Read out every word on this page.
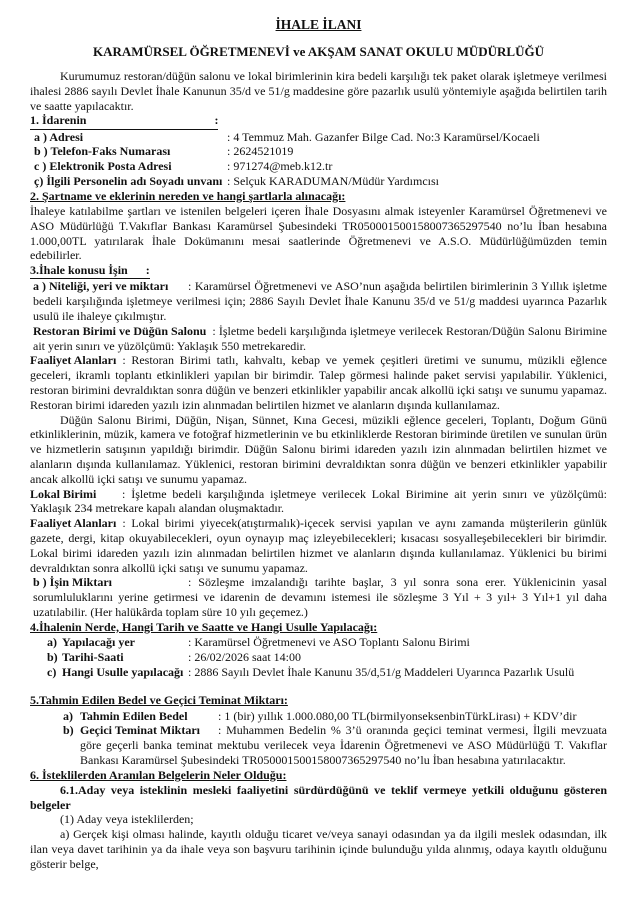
İHALE İLANI
KARAMÜRSEL ÖĞRETMENEVİ ve AKŞAM SANAT OKULU MÜDÜRLÜĞÜ

Kurumumuz restoran/düğün salonu ve lokal birimlerinin kira bedeli karşılığı tek paket olarak işletmeye verilmesi ihalesi 2886 sayılı Devlet İhale Kanunun 35/d ve 51/g maddesine göre pazarlık usulü yöntemiyle aşağıda belirtilen tarih ve saatte yapılacaktır.

1. İdarenin	:
a ) Adresi	: 4 Temmuz Mah. Gazanfer Bilge Cad. No:3 Karamürsel/Kocaeli
b ) Telefon-Faks Numarası	: 2624521019
c ) Elektronik Posta Adresi	: 971274@meb.k12.tr
ç) İlgili Personelin adı Soyadı unvanı : Selçuk KARADUMAN/Müdür Yardımcısı
2. Şartname ve eklerinin nereden ve hangi şartlarla alınacağı:

İhaleye katılabilme şartları ve istenilen belgeleri içeren İhale Dosyasını almak isteyenler Karamürsel Öğretmenevi ve ASO Müdürlüğü T.Vakıflar Bankası Karamürsel Şubesindeki TR050001500158007365297540 no’lu İban hesabına 1.000,00TL yatırılarak İhale Dokümanını mesai saatlerinde Öğretmenevi ve A.S.O. Müdürlüğümüzden temin edebilirler.

3.İhale konusu İşin :

a ) Niteliği, yeri ve miktarı : Karamürsel Öğretmenevi ve ASO’nun aşağıda belirtilen birimlerinin 3 Yıllık işletme bedeli karşılığında işletmeye verilmesi için; 2886 Sayılı Devlet İhale Kanunu 35/d ve 51/g maddesi uyarınca Pazarlık usulü ile ihaleye çıkılmıştır.

Restoran Birimi ve Düğün Salonu : İşletme bedeli karşılığında işletmeye verilecek Restoran/Düğün Salonu Birimine ait yerin sınırı ve yüzölçümü: Yaklaşık 550 metrekaredir.

Faaliyet Alanları : Restoran Birimi tatlı, kahvaltı, kebap ve yemek çeşitleri üretimi ve sunumu, müzikli eğlence geceleri, ikramlı toplantı etkinlikleri yapılan bir birimdir. Talep görmesi halinde paket servisi yapılabilir. Yüklenici, restoran birimini devraldıktan sonra düğün ve benzeri etkinlikler yapabilir ancak alkollü içki satışı ve sunumu yapamaz. Restoran birimi idareden yazılı izin alınmadan belirtilen hizmet ve alanların dışında kullanılamaz.

Düğün Salonu Birimi, Düğün, Nişan, Sünnet, Kına Gecesi, müzikli eğlence geceleri, Toplantı, Doğum Günü etkinliklerinin, müzik, kamera ve fotoğraf hizmetlerinin ve bu etkinliklerde Restoran biriminde üretilen ve sunulan ürün ve hizmetlerin satışının yapıldığı birimdir. Düğün Salonu birimi idareden yazılı izin alınmadan belirtilen hizmet ve alanların dışında kullanılamaz. Yüklenici, restoran birimini devraldıktan sonra düğün ve benzeri etkinlikler yapabilir ancak alkollü içki satışı ve sunumu yapamaz.

Lokal Birimi : İşletme bedeli karşılığında işletmeye verilecek Lokal Birimine ait yerin sınırı ve yüzölçümü: Yaklaşık 234 metrekare kapalı alandan oluşmaktadır.

Faaliyet Alanları : Lokal birimi yiyecek(atıştırmalık)-içecek servisi yapılan ve aynı zamanda müşterilerin günlük gazete, dergi, kitap okuyabilecekleri, oyun oynayıp maç izleyebilecekleri; kısacası sosyalleşebilecekleri bir birimdir. Lokal birimi idareden yazılı izin alınmadan belirtilen hizmet ve alanların dışında kullanılamaz. Yüklenici bu birimi devraldıktan sonra alkollü içki satışı ve sunumu yapamaz.

b ) İşin Miktarı	: Sözleşme imzalandığı tarihte başlar, 3 yıl sonra sona erer. Yüklenicinin yasal sorumluluklarını yerine getirmesi ve idarenin de devamını istemesi ile sözleşme 3 Yıl + 3 yıl+ 3 Yıl+1 yıl daha uzatılabilir. (Her halükârda toplam süre 10 yılı geçemez.)

4.İhalenin Nerde, Hangi Tarih ve Saatte ve Hangi Usulle Yapılacağı:
a) Yapılacağı yer	: Karamürsel Öğretmenevi ve ASO Toplantı Salonu Birimi
b) Tarihi-Saati	: 26/02/2026 saat 14:00
c) Hangi Usulle yapılacağı : 2886 Sayılı Devlet İhale Kanunu 35/d,51/g Maddeleri Uyarınca Pazarlık Usulü
5.Tahmin Edilen Bedel ve Geçici Teminat Miktarı:
a) Tahmin Edilen Bedel	: 1 (bir) yıllık 1.000.080,00 TL(birmilyonseksenbinTürkLirası) + KDV’dir
b) Geçici Teminat Miktarı : Muhammen Bedelin % 3’ü oranında geçici teminat vermesi, İlgili mevzuata göre geçerli banka teminat mektubu verilecek veya İdarenin Öğretmenevi ve ASO Müdürlüğü T. Vakıflar Bankası Karamürsel Şubesindeki TR050001500158007365297540 no’lu İban hesabına yatırılacaktır.
6. İsteklilerden Aranılan Belgelerin Neler Olduğu:

6.1.Aday veya isteklinin mesleki faaliyetini sürdürdüğünü ve teklif vermeye yetkili olduğunu gösteren belgeler

(1) Aday veya isteklilerden;

a) Gerçek kişi olması halinde, kayıtlı olduğu ticaret ve/veya sanayi odasından ya da ilgili meslek odasından, ilk ilan veya davet tarihinin ya da ihale veya son başvuru tarihinin içinde bulunduğu yılda alınmış, odaya kayıtlı olduğunu gösterir belge,
